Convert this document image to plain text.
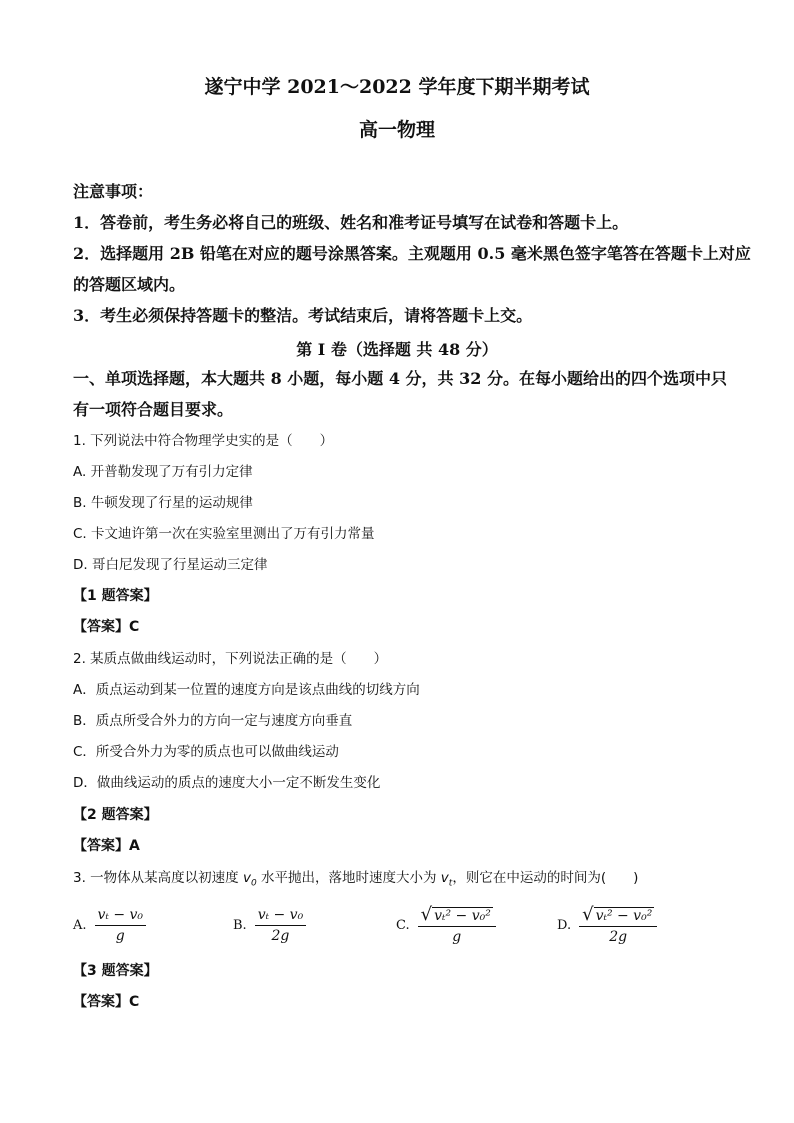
遂宁中学 2021～2022 学年度下期半期考试
高一物理
注意事项：
1．答卷前，考生务必将自己的班级、姓名和准考证号填写在试卷和答题卡上。
2．选择题用 2B 铅笔在对应的题号涂黑答案。主观题用 0.5 毫米黑色签字笔答在答题卡上对应
的答题区域内。
3．考生必须保持答题卡的整洁。考试结束后，请将答题卡上交。
第 I 卷（选择题 共 48 分）
一、单项选择题，本大题共 8 小题，每小题 4 分，共 32 分。在每小题给出的四个选项中只
有一项符合题目要求。
1. 下列说法中符合物理学史实的是（　　）
A. 开普勒发现了万有引力定律
B. 牛顿发现了行星的运动规律
C. 卡文迪许第一次在实验室里测出了万有引力常量
D. 哥白尼发现了行星运动三定律
【1 题答案】
【答案】C
2. 某质点做曲线运动时，下列说法正确的是（　　）
A．质点运动到某一位置的速度方向是该点曲线的切线方向
B．质点所受合外力的方向一定与速度方向垂直
C．所受合外力为零的质点也可以做曲线运动
D．做曲线运动的质点的速度大小一定不断发生变化
【2 题答案】
【答案】A
3. 一物体从某高度以初速度 $v_0$ 水平抛出，落地时速度大小为 $v_t$，则它在中运动的时间为(　　)
A. $\frac{\text{vₜ − v₀}}{g}$	B. $\frac{\text{vₜ − v₀}}{2g}$	C. $\frac{\text{√ vₜ² − v₀²}}{g}$	D. $\frac{\text{√ vₜ² − v₀²}}{2g}$
【3 题答案】
【答案】C
